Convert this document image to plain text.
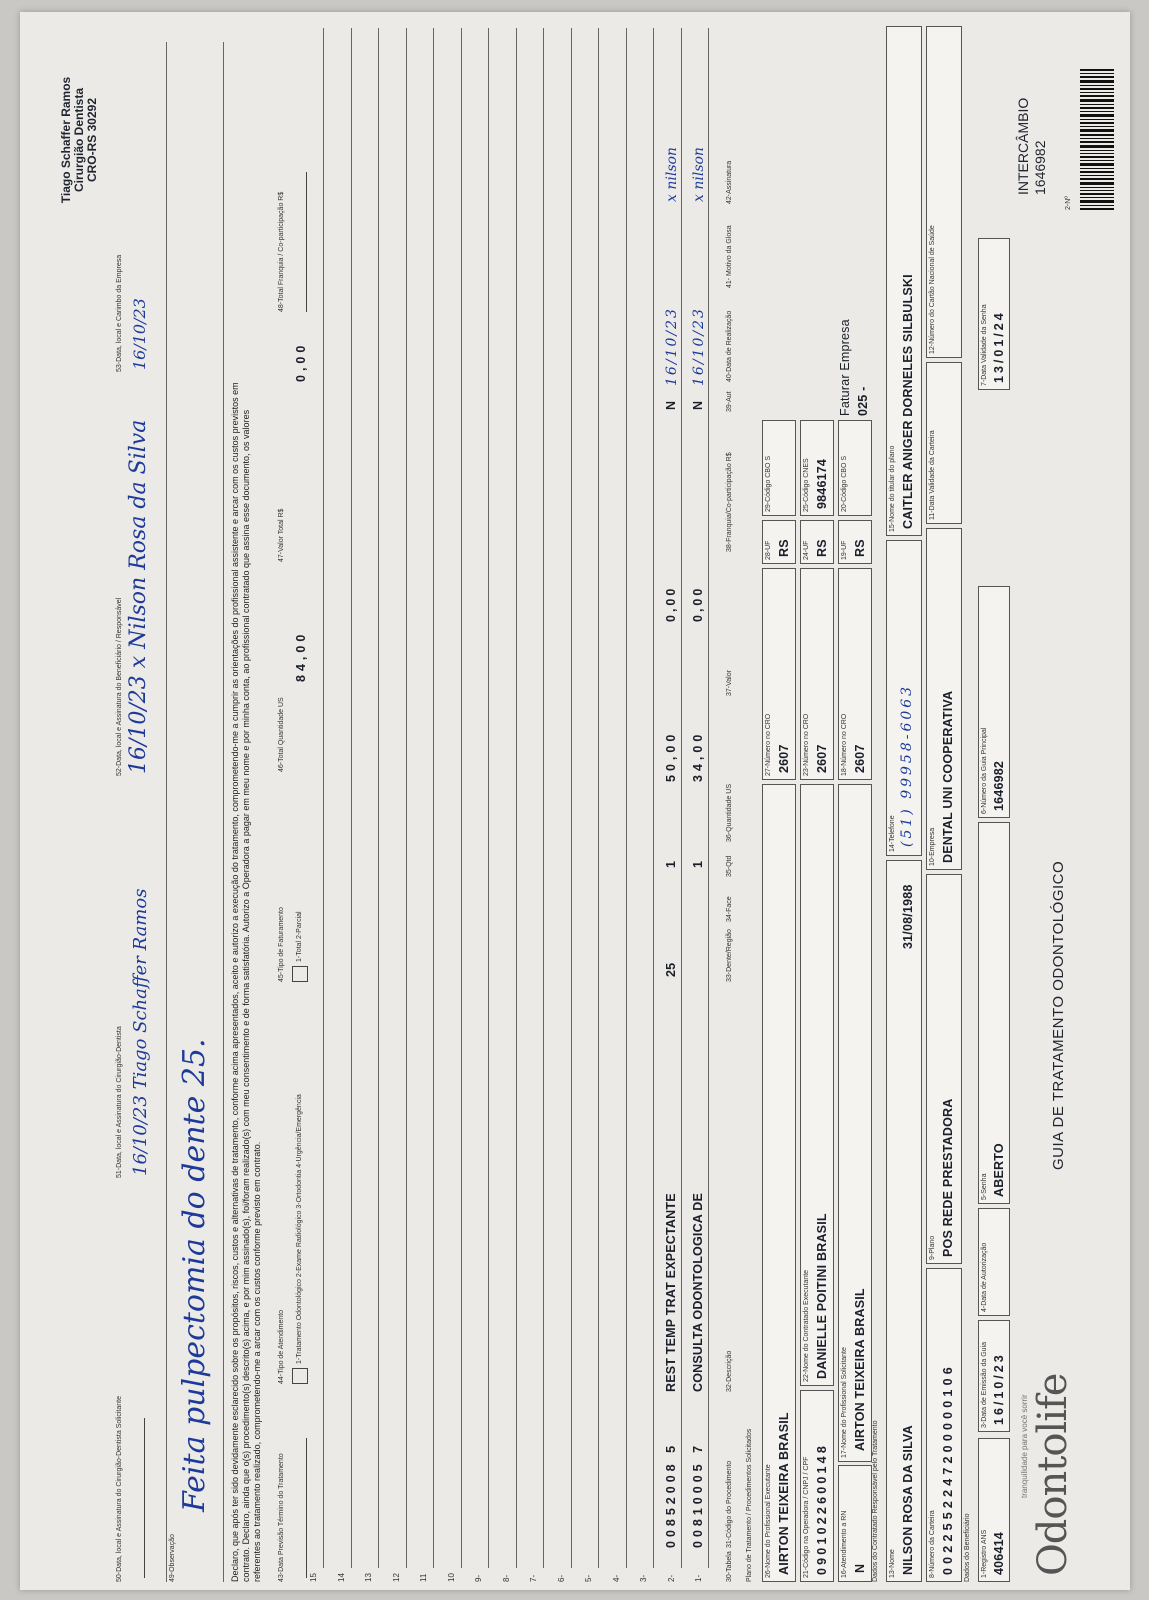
Odontolife
tranquilidade para você sorrir
GUIA DE TRATAMENTO ODONTOLÓGICO
2-Nº
1646982
INTERCÂMBIO
1-Registro ANS 406414
3-Data de Emissão da Guia 16/10/23
4-Data de Autorização
5-Senha ABERTO
6-Número da Guia Principal 1646982
7-Data Validade da Senha 13/01/24
Dados do Beneficiário
8-Número da Carteira 0022552247200000106
9-Plano POS REDE PRESTADORA
10-Empresa DENTAL UNI COOPERATIVA
11-Data Validade da Carteira
12-Número do Cartão Nacional de Saúde
13-Nome NILSON ROSA DA SILVA
31/08/1988
14-Telefone (51) 99958-6063
15-Nome do titular do plano CAITLER ANIGER DORNELES SILBULSKI
Dados do Contratado Responsável pelo Tratamento
16-Atendimento a RN N
17-Nome do Profissional Solicitante AIRTON TEIXEIRA BRASIL
18-Número no CRO 2607
19-UF RS
20-Código CBO S
025 -
Faturar Empresa
21-Código na Operadora / CNPJ / CPF 0901022600148
22-Nome do Contratado Executante DANIELLE POITINI BRASIL
23-Número no CRO 2607
24-UF RS
25-Código CNES 9846174
26-Nome do Profissional Executante AIRTON TEIXEIRA BRASIL
27-Número no CRO 2607
28-UF RS
29-Código CBO S
Plano de Tratamento / Procedimentos Solicitados
30-Tabela
31-Código do Procedimento
32-Descrição
33-Dente/Região
34-Face
35-Qtd
36-Quantidade US
37-Valor
38-Franquia/Co-participação R$
39-Aut
40-Data de Realização
41- Motivo da Glosa
42-Assinatura
1-
00810005 7
CONSULTA ODONTOLOGICA DE
1
34,00
0,00
N
16/10/23
x nilson
2-
00852008 5
REST TEMP TRAT EXPECTANTE
25
1
50,00
0,00
N
16/10/23
x nilson
3-
4-
5-
6-
7-
8-
9-
10
11
12
13
14
15
43-Data Previsão Término do Tratamento
44-Tipo de Atendimento 1-Tratamento Odontológico 2-Exame Radiológico 3-Ortodontia 4-Urgência/Emergência
45-Tipo de Faturamento 1-Total 2-Parcial
46-Total Quantidade US
84,00
47-Valor Total R$
0,00
48-Total Franquia / Co-participação R$
Declaro, que após ter sido devidamente esclarecido sobre os propósitos, riscos, custos e alternativas de tratamento, conforme acima apresentados, aceito e autorizo a execução do tratamento, comprometendo-me a cumprir as orientações do profissional assistente e arcar com os custos previstos em contrato. Declaro, ainda que o(s) procedimento(s) descrito(s) acima, e por mim assinado(s), foi/foram realizado(s) com meu consentimento e de forma satisfatória. Autorizo a Operadora a pagar em meu nome e por minha conta, ao profissional contratado que assina esse documento, os valores referentes ao tratamento realizado, comprometendo-me a arcar com os custos conforme previsto em contrato.
49-Observação
Feita pulpectomia do dente 25.
50-Data, local e Assinatura do Cirurgião-Dentista Solicitante
51-Data, local e Assinatura do Cirurgião-Dentista 16/10/23 Tiago Schaffer Ramos
52-Data, local e Assinatura do Beneficiário / Responsável 16/10/23 x Nilson Rosa da Silva
53-Data, local e Carimbo da Empresa 16/10/23
Tiago Schaffer Ramos Cirurgião Dentista CRO-RS 30292
